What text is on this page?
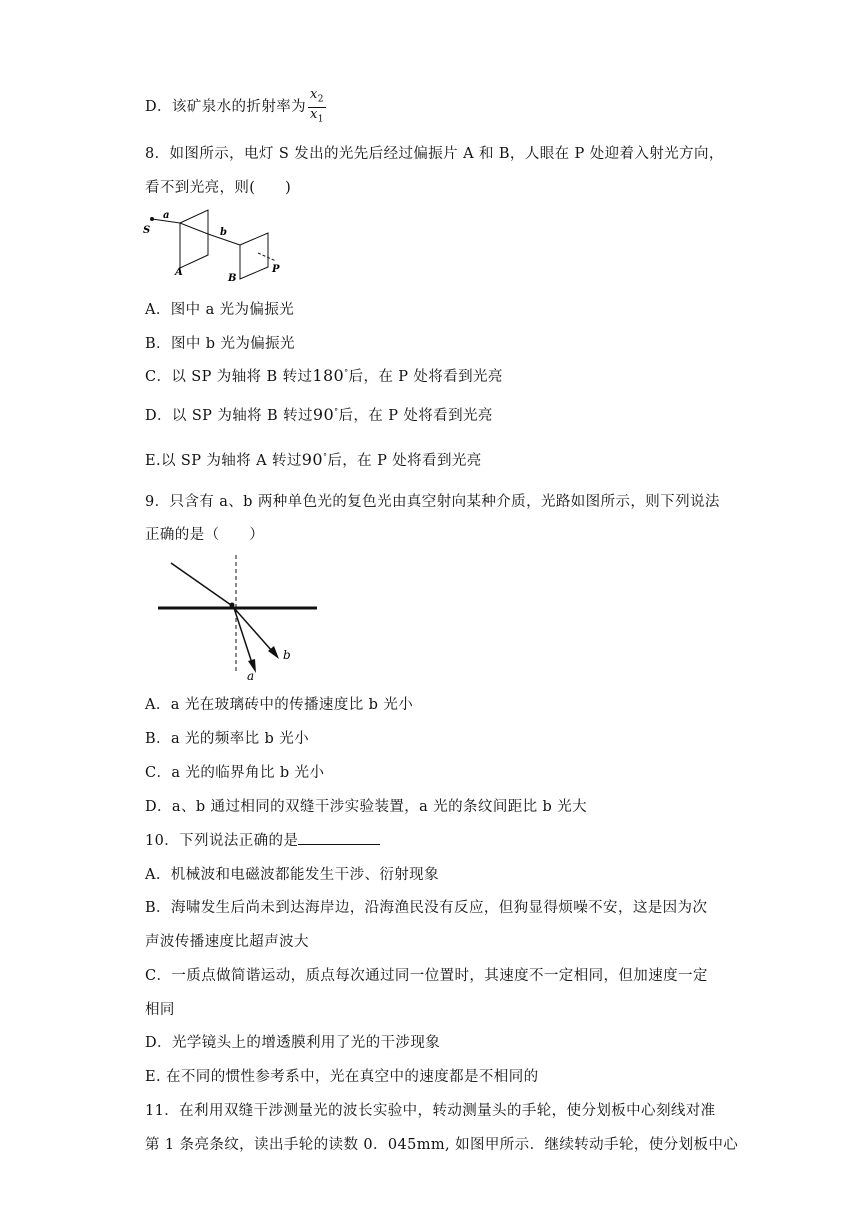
D．该矿泉水的折射率为 $\frac{x_2}{x_1}$
8．如图所示，电灯 S 发出的光先后经过偏振片 A 和 B，人眼在 P 处迎着入射光方向，
看不到光亮，则(　　)
S
a
b
A
B
P
A．图中 a 光为偏振光
B．图中 b 光为偏振光
C．以 SP 为轴将 B 转过180°后，在 P 处将看到光亮
D．以 SP 为轴将 B 转过90°后，在 P 处将看到光亮
E.以 SP 为轴将 A 转过90°后，在 P 处将看到光亮
9．只含有 a、b 两种单色光的复色光由真空射向某种介质，光路如图所示，则下列说法
正确的是（　　）
a
b
A．a 光在玻璃砖中的传播速度比 b 光小
B．a 光的频率比 b 光小
C．a 光的临界角比 b 光小
D．a、b 通过相同的双缝干涉实验装置，a 光的条纹间距比 b 光大
10．下列说法正确的是
A．机械波和电磁波都能发生干涉、衍射现象
B．海啸发生后尚未到达海岸边，沿海渔民没有反应，但狗显得烦噪不安，这是因为次
声波传播速度比超声波大
C．一质点做简谐运动，质点每次通过同一位置时，其速度不一定相同，但加速度一定
相同
D．光学镜头上的增透膜利用了光的干涉现象
E. 在不同的惯性参考系中，光在真空中的速度都是不相同的
11．在利用双缝干涉测量光的波长实验中，转动测量头的手轮，使分划板中心刻线对准
第 1 条亮条纹，读出手轮的读数 0．045mm, 如图甲所示．继续转动手轮，使分划板中心
